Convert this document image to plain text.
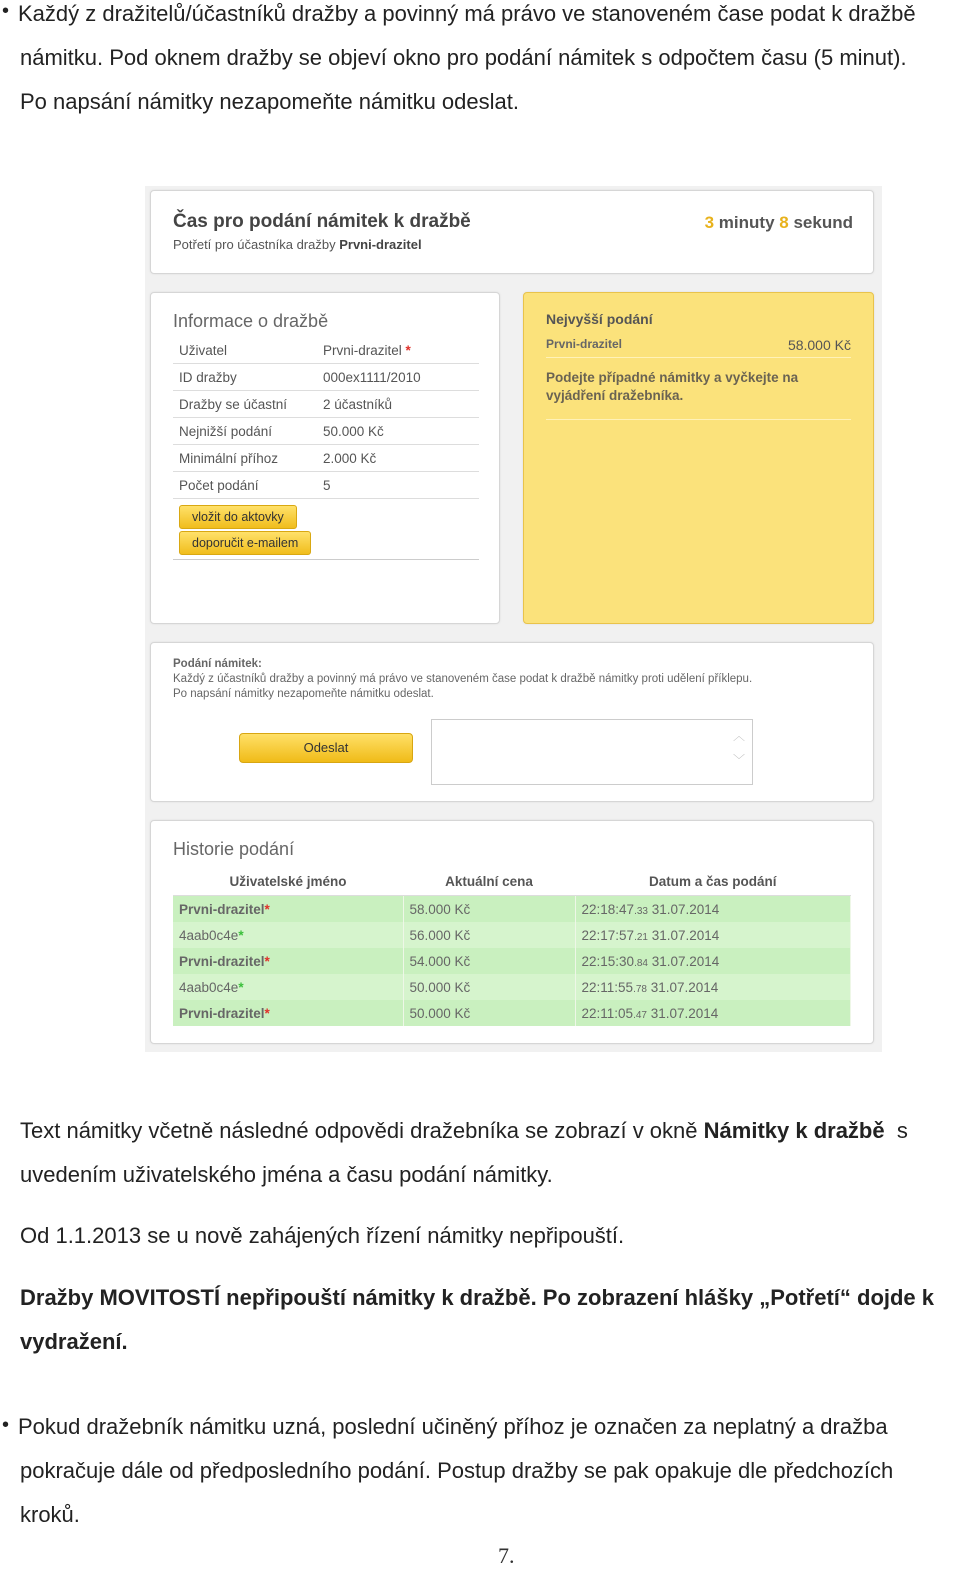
• Každý z dražitelů/účastníků dražby a povinný má právo ve stanoveném čase podat k dražbě
námitku. Pod oknem dražby se objeví okno pro podání námitek s odpočtem času (5 minut).
Po napsání námitky nezapomeňte námitku odeslat.
Čas pro podání námitek k dražbě
Potřetí pro účastníka dražby Prvni-drazitel
3 minuty 8 sekund
Informace o dražbě
Uživatel	Prvni-drazitel *
ID dražby	000ex1111/2010
Dražby se účastní	2 účastníků
Nejnižší podání	50.000 Kč
Minimální příhoz	2.000 Kč
Počet podání	5
vložit do aktovky
doporučit e-mailem
Nejvyšší podání
Prvni-drazitel	58.000 Kč
Podejte případné námitky a vyčkejte na vyjádření dražebníka.
Podání námitek:
Každý z účastníků dražby a povinný má právo ve stanoveném čase podat k dražbě námitky proti udělení příklepu.
Po napsání námitky nezapomeňte námitku odeslat.
Odeslat
︿
﹀
Historie podání
Uživatelské jméno	Aktuální cena	Datum a čas podání
Prvni-drazitel*	58.000 Kč	22:18:47.33 31.07.2014
4aab0c4e*	56.000 Kč	22:17:57.21 31.07.2014
Prvni-drazitel*	54.000 Kč	22:15:30.84 31.07.2014
4aab0c4e*	50.000 Kč	22:11:55.78 31.07.2014
Prvni-drazitel*	50.000 Kč	22:11:05.47 31.07.2014
Text námitky včetně následné odpovědi dražebníka se zobrazí v okně Námitky k dražbě s
uvedením uživatelského jména a času podání námitky.
Od 1.1.2013 se u nově zahájených řízení námitky nepřipouští.
Dražby MOVITOSTÍ nepřipouští námitky k dražbě. Po zobrazení hlášky „Potřetí“ dojde k
vydražení.
• Pokud dražebník námitku uzná, poslední učiněný příhoz je označen za neplatný a dražba
pokračuje dále od předposledního podání. Postup dražby se pak opakuje dle předchozích
kroků.
7.
